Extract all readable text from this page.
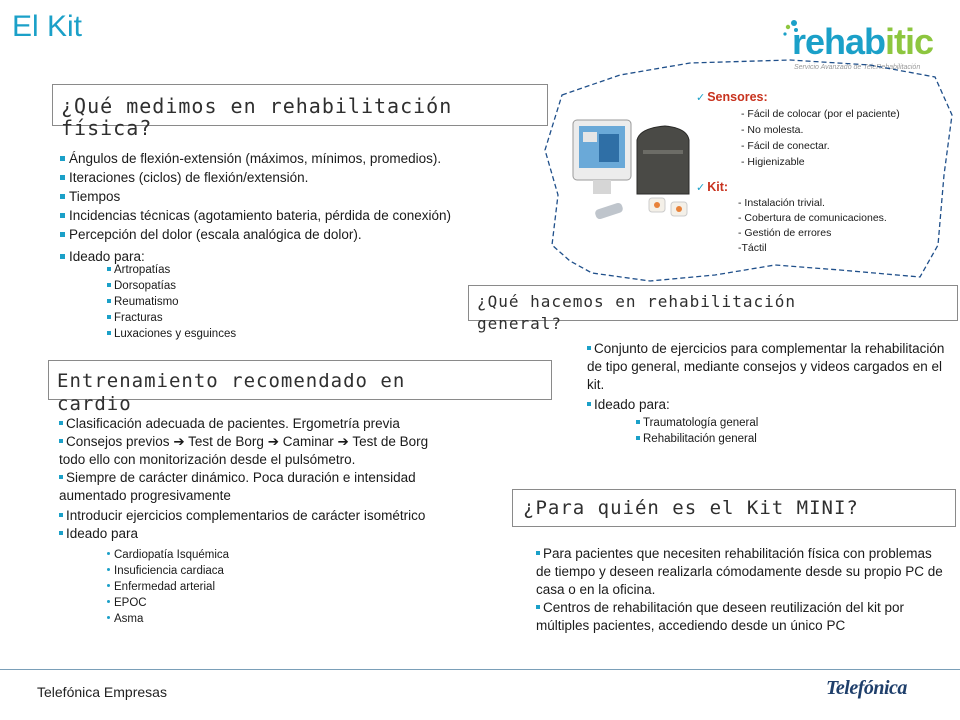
El Kit	rehabitic
Servicio Avanzado de TeleRehabilitación
✓ Sensores:
- Fácil de colocar (por el paciente)
- No molesta.
- Fácil de conectar.
- Higienizable
✓ Kit:
- Instalación trivial.
- Cobertura de comunicaciones.
- Gestión de errores
-Táctil
¿Qué medimos en rehabilitación
física?
Ángulos de flexión-extensión (máximos, mínimos, promedios).
Iteraciones (ciclos) de flexión/extensión.
Tiempos
Incidencias técnicas (agotamiento bateria, pérdida de conexión)
Percepción del dolor (escala analógica de dolor).
Ideado para:
Artropatías
Dorsopatías
Reumatismo
Fracturas
Luxaciones y esguinces
¿Qué hacemos en rehabilitación
general?
Conjunto de ejercicios para complementar la rehabilitación de tipo general, mediante consejos y videos cargados en el kit.
Ideado para:
Traumatología general
Rehabilitación general
Entrenamiento recomendado en
cardio
Clasificación adecuada de pacientes. Ergometría previa
Consejos previos ➔ Test de Borg ➔ Caminar ➔ Test de Borg
todo ello con monitorización desde el pulsómetro.
Siempre de carácter dinámico. Poca duración e intensidad
aumentado progresivamente
Introducir ejercicios complementarios de carácter isométrico
Ideado para
Cardiopatía Isquémica
Insuficiencia cardiaca
Enfermedad arterial
EPOC
Asma
¿Para quién es el Kit MINI?
Para pacientes que necesiten rehabilitación física con problemas de tiempo y deseen realizarla cómodamente desde su propio PC de casa o en la oficina.
Centros de rehabilitación que deseen reutilización del kit por múltiples pacientes, accediendo desde un único PC
Telefónica Empresas	Telefónica
